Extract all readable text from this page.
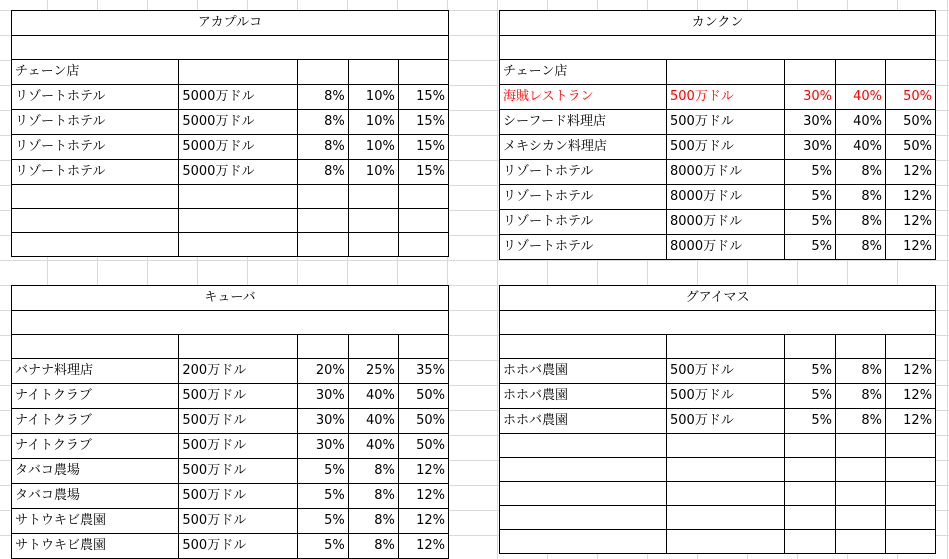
アカプルコ				

チェーン店				
リゾートホテル	5000万ドル	8%	10%	15%
リゾートホテル	5000万ドル	8%	10%	15%
リゾートホテル	5000万ドル	8%	10%	15%
リゾートホテル	5000万ドル	8%	10%	15%

カンクン				

チェーン店				
海賊レストラン	500万ドル	30%	40%	50%
シーフード料理店	500万ドル	30%	40%	50%
メキシカン料理店	500万ドル	30%	40%	50%
リゾートホテル	8000万ドル	5%	8%	12%
リゾートホテル	8000万ドル	5%	8%	12%
リゾートホテル	8000万ドル	5%	8%	12%
リゾートホテル	8000万ドル	5%	8%	12%
キューバ				

バナナ料理店	200万ドル	20%	25%	35%
ナイトクラブ	500万ドル	30%	40%	50%
ナイトクラブ	500万ドル	30%	40%	50%
ナイトクラブ	500万ドル	30%	40%	50%
タバコ農場	500万ドル	5%	8%	12%
タバコ農場	500万ドル	5%	8%	12%
サトウキビ農園	500万ドル	5%	8%	12%
サトウキビ農園	500万ドル	5%	8%	12%
グアイマス				

ホホバ農園	500万ドル	5%	8%	12%
ホホバ農園	500万ドル	5%	8%	12%
ホホバ農園	500万ドル	5%	8%	12%
